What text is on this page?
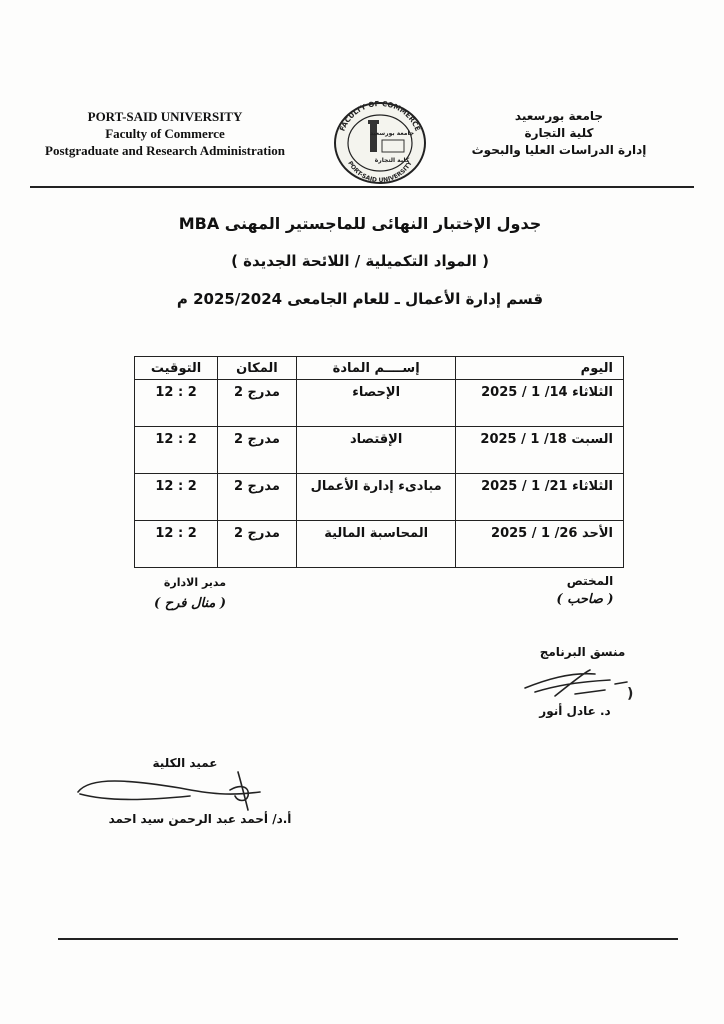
PORT-SAID UNIVERSITY
Faculty of Commerce
Postgraduate and Research Administration
جامعة بورسعيد
كلية التجارة
إدارة الدراسات العليا والبحوث
FACULTY OF COMMERCE
PORT-SAID UNIVERSITY
جامعة بورسعيد
كلية التجارة
جدول الإختبار النهائى للماجستير المهنى MBA
( المواد التكميلية / اللائحة الجديدة )
قسم إدارة الأعمال ـ للعام الجامعى 2025/2024 م
اليوم	إســــم المادة	المكان	التوقيت
الثلاثاء 14/ 1 / 2025	الإحصاء	مدرج 2	2 : 12
السبت 18/ 1 / 2025	الإقتصاد	مدرج 2	2 : 12
الثلاثاء 21/ 1 / 2025	مبادىء إدارة الأعمال	مدرج 2	2 : 12
الأحد 26/ 1 / 2025	المحاسبة المالية	مدرج 2	2 : 12
مدير الادارة
( منال فرح )
المختص
( صاحب )
منسق البرنامج
)
د. عادل أنور
عميد الكلية
أ.د/ أحمد عبد الرحمن سيد احمد
